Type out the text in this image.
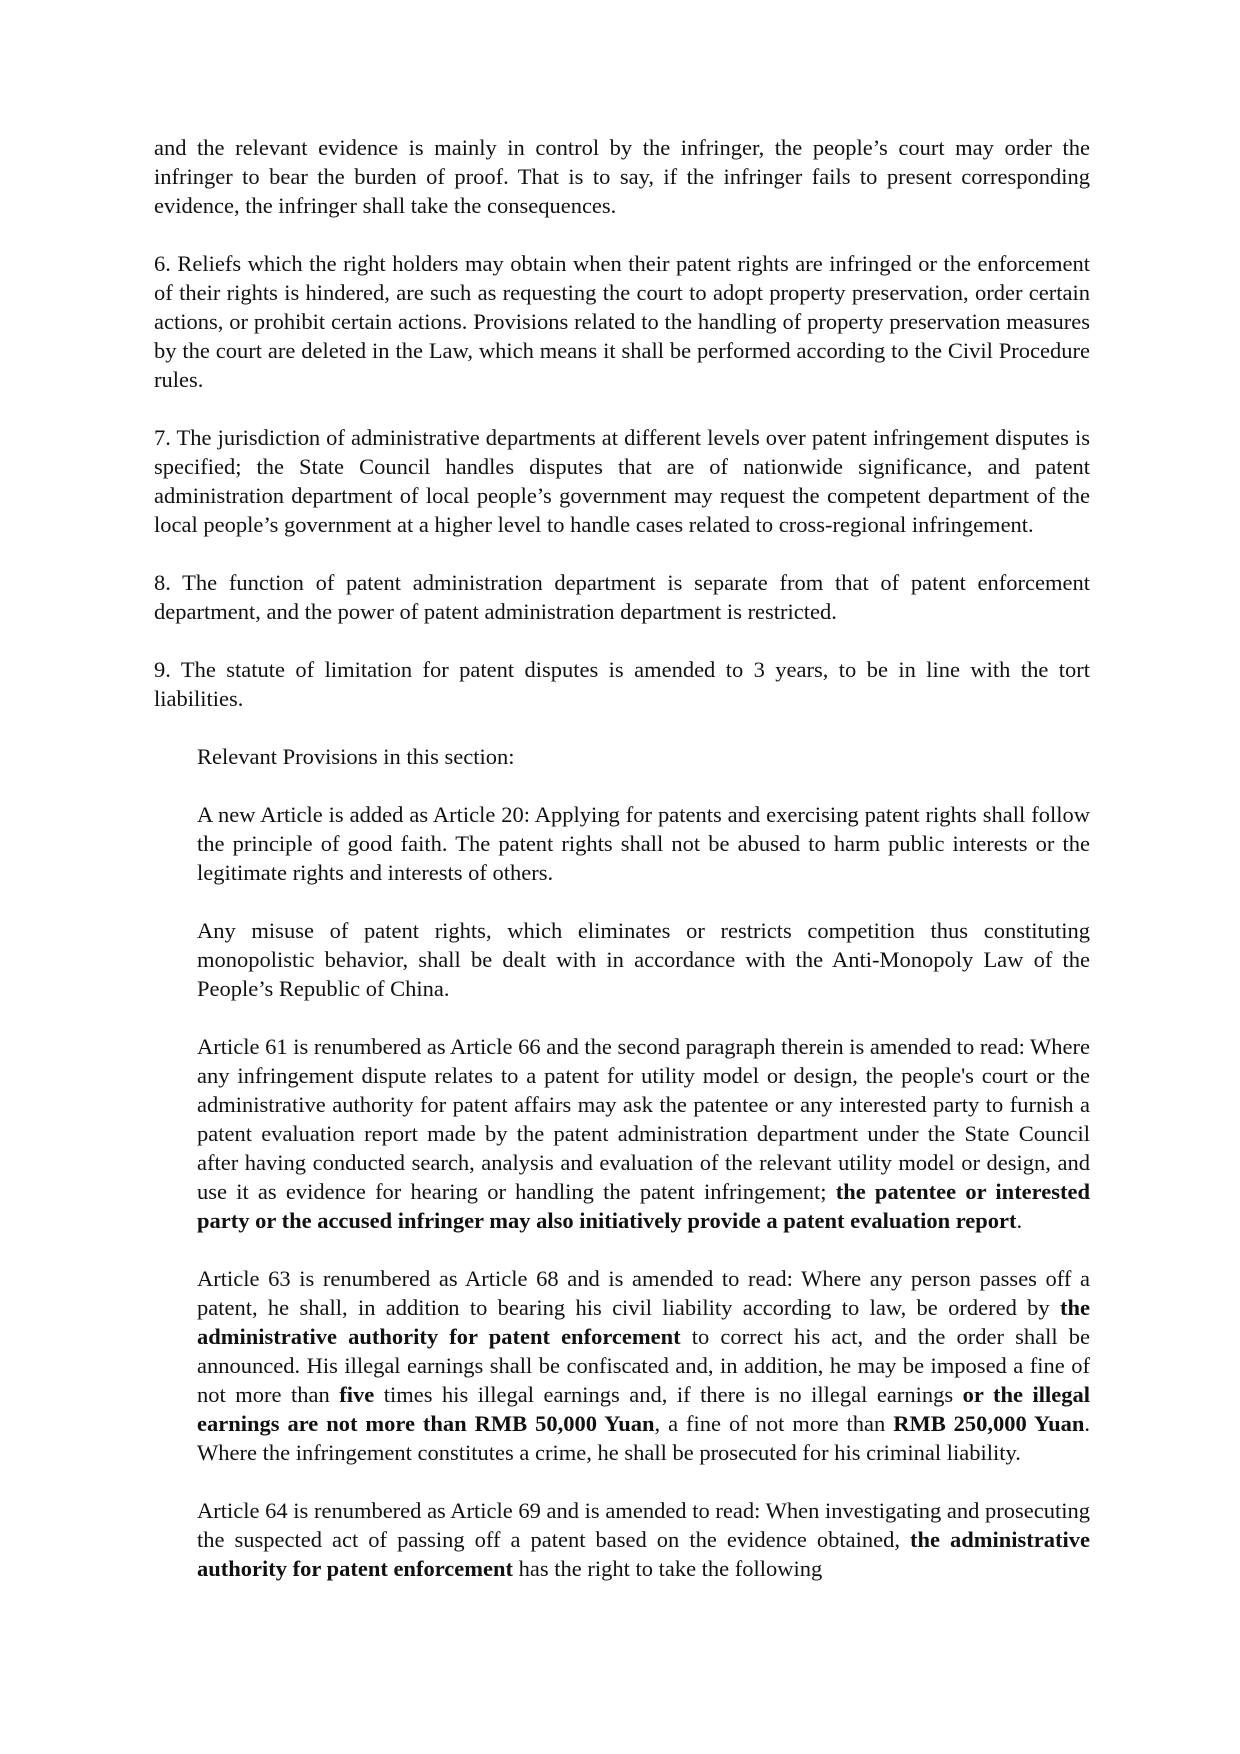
and the relevant evidence is mainly in control by the infringer, the people’s court may order the infringer to bear the burden of proof. That is to say, if the infringer fails to present corresponding evidence, the infringer shall take the consequences.

6. Reliefs which the right holders may obtain when their patent rights are infringed or the enforcement of their rights is hindered, are such as requesting the court to adopt property preservation, order certain actions, or prohibit certain actions. Provisions related to the handling of property preservation measures by the court are deleted in the Law, which means it shall be performed according to the Civil Procedure rules.

7. The jurisdiction of administrative departments at different levels over patent infringement disputes is specified; the State Council handles disputes that are of nationwide significance, and patent administration department of local people’s government may request the competent department of the local people’s government at a higher level to handle cases related to cross-regional infringement.

8. The function of patent administration department is separate from that of patent enforcement department, and the power of patent administration department is restricted.

9. The statute of limitation for patent disputes is amended to 3 years, to be in line with the tort liabilities.

Relevant Provisions in this section:

A new Article is added as Article 20: Applying for patents and exercising patent rights shall follow the principle of good faith. The patent rights shall not be abused to harm public interests or the legitimate rights and interests of others.

Any misuse of patent rights, which eliminates or restricts competition thus constituting monopolistic behavior, shall be dealt with in accordance with the Anti-Monopoly Law of the People’s Republic of China.

Article 61 is renumbered as Article 66 and the second paragraph therein is amended to read: Where any infringement dispute relates to a patent for utility model or design, the people's court or the administrative authority for patent affairs may ask the patentee or any interested party to furnish a patent evaluation report made by the patent administration department under the State Council after having conducted search, analysis and evaluation of the relevant utility model or design, and use it as evidence for hearing or handling the patent infringement; the patentee or interested party or the accused infringer may also initiatively provide a patent evaluation report.

Article 63 is renumbered as Article 68 and is amended to read: Where any person passes off a patent, he shall, in addition to bearing his civil liability according to law, be ordered by the administrative authority for patent enforcement to correct his act, and the order shall be announced. His illegal earnings shall be confiscated and, in addition, he may be imposed a fine of not more than five times his illegal earnings and, if there is no illegal earnings or the illegal earnings are not more than RMB 50,000 Yuan, a fine of not more than RMB 250,000 Yuan. Where the infringement constitutes a crime, he shall be prosecuted for his criminal liability.

Article 64 is renumbered as Article 69 and is amended to read: When investigating and prosecuting the suspected act of passing off a patent based on the evidence obtained, the administrative authority for patent enforcement has the right to take the following
